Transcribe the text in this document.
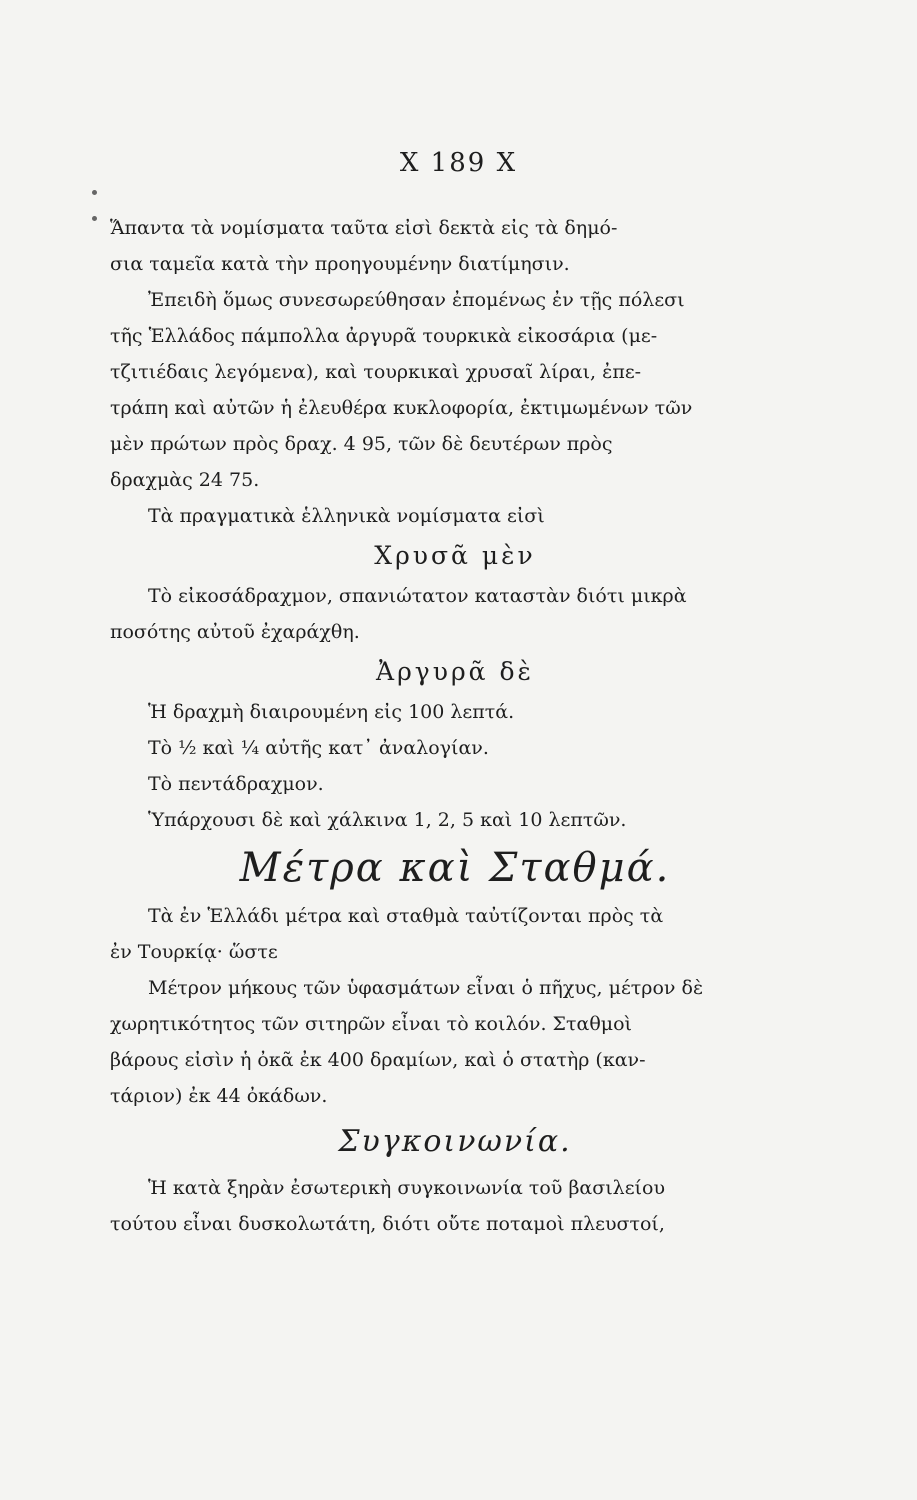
Χ 189 Χ
Ἅπαντα τὰ νομίσματα ταῦτα εἰσὶ δεκτὰ εἰς τὰ δημό-
σια ταμεῖα κατὰ τὴν προηγουμένην διατίμησιν.
Ἐπειδὴ ὅμως συνεσωρεύθησαν ἐπομένως ἐν τῇς πόλεσι
τῆς Ἑλλάδος πάμπολλα ἀργυρᾶ τουρκικὰ εἰκοσάρια (με-
τζιτιέδαις λεγόμενα), καὶ τουρκικαὶ χρυσαῖ λίραι, ἐπε-
τράπη καὶ αὐτῶν ἡ ἐλευθέρα κυκλοφορία, ἐκτιμωμένων τῶν
μὲν πρώτων πρὸς δραχ. 4 95, τῶν δὲ δευτέρων πρὸς
δραχμὰς 24 75.
Τὰ πραγματικὰ ἑλληνικὰ νομίσματα εἰσὶ
Χρυσᾶ μὲν
Τὸ εἰκοσάδραχμον, σπανιώτατον καταστὰν διότι μικρὰ
ποσότης αὐτοῦ ἐχαράχθη.
Ἀργυρᾶ δὲ
Ἡ δραχμὴ διαιρουμένη εἰς 100 λεπτά.
Τὸ ½ καὶ ¼ αὐτῆς κατ᾽ ἀναλογίαν.
Τὸ πεντάδραχμον.
Ὑπάρχουσι δὲ καὶ χάλκινα 1, 2, 5 καὶ 10 λεπτῶν.
Μέτρα καὶ Σταθμά.
Τὰ ἐν Ἑλλάδι μέτρα καὶ σταθμὰ ταὐτίζονται πρὸς τὰ
ἐν Τουρκίᾳ· ὥστε
Μέτρον μήκους τῶν ὑφασμάτων εἶναι ὁ πῆχυς, μέτρον δὲ
χωρητικότητος τῶν σιτηρῶν εἶναι τὸ κοιλόν. Σταθμοὶ
βάρους εἰσὶν ἡ ὀκᾶ ἐκ 400 δραμίων, καὶ ὁ στατὴρ (καν-
τάριον) ἐκ 44 ὀκάδων.
Συγκοινωνία.
Ἡ κατὰ ξηρὰν ἐσωτερικὴ συγκοινωνία τοῦ βασιλείου
τούτου εἶναι δυσκολωτάτη, διότι οὔτε ποταμοὶ πλευστοί,
